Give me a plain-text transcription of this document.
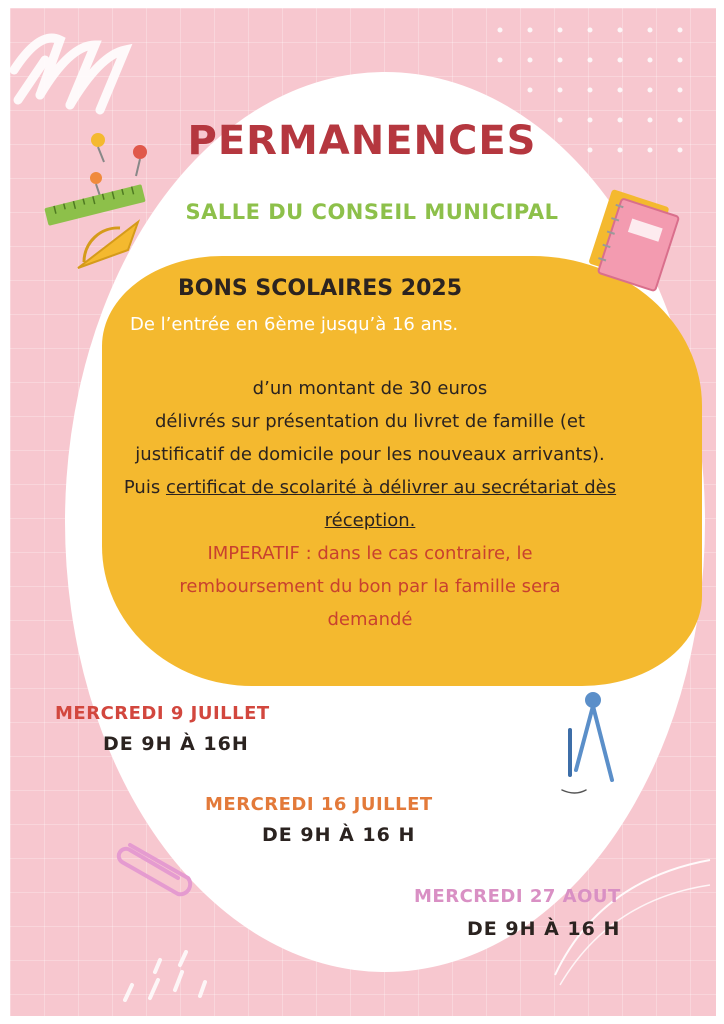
PERMANENCES
SALLE DU CONSEIL MUNICIPAL
BONS SCOLAIRES 2025
De l’entrée en 6ème jusqu’à 16 ans.
d’un montant de 30 euros
délivrés sur présentation du livret de famille (et justificatif de domicile pour les nouveaux arrivants).
Puis certificat de scolarité à délivrer au secrétariat dès réception.
IMPERATIF : dans le cas contraire, le remboursement du bon par la famille sera demandé
MERCREDI 9 JUILLET
DE 9H À 16H
MERCREDI 16 JUILLET
DE 9H À 16 H
MERCREDI 27 AOUT
DE 9H À 16 H
